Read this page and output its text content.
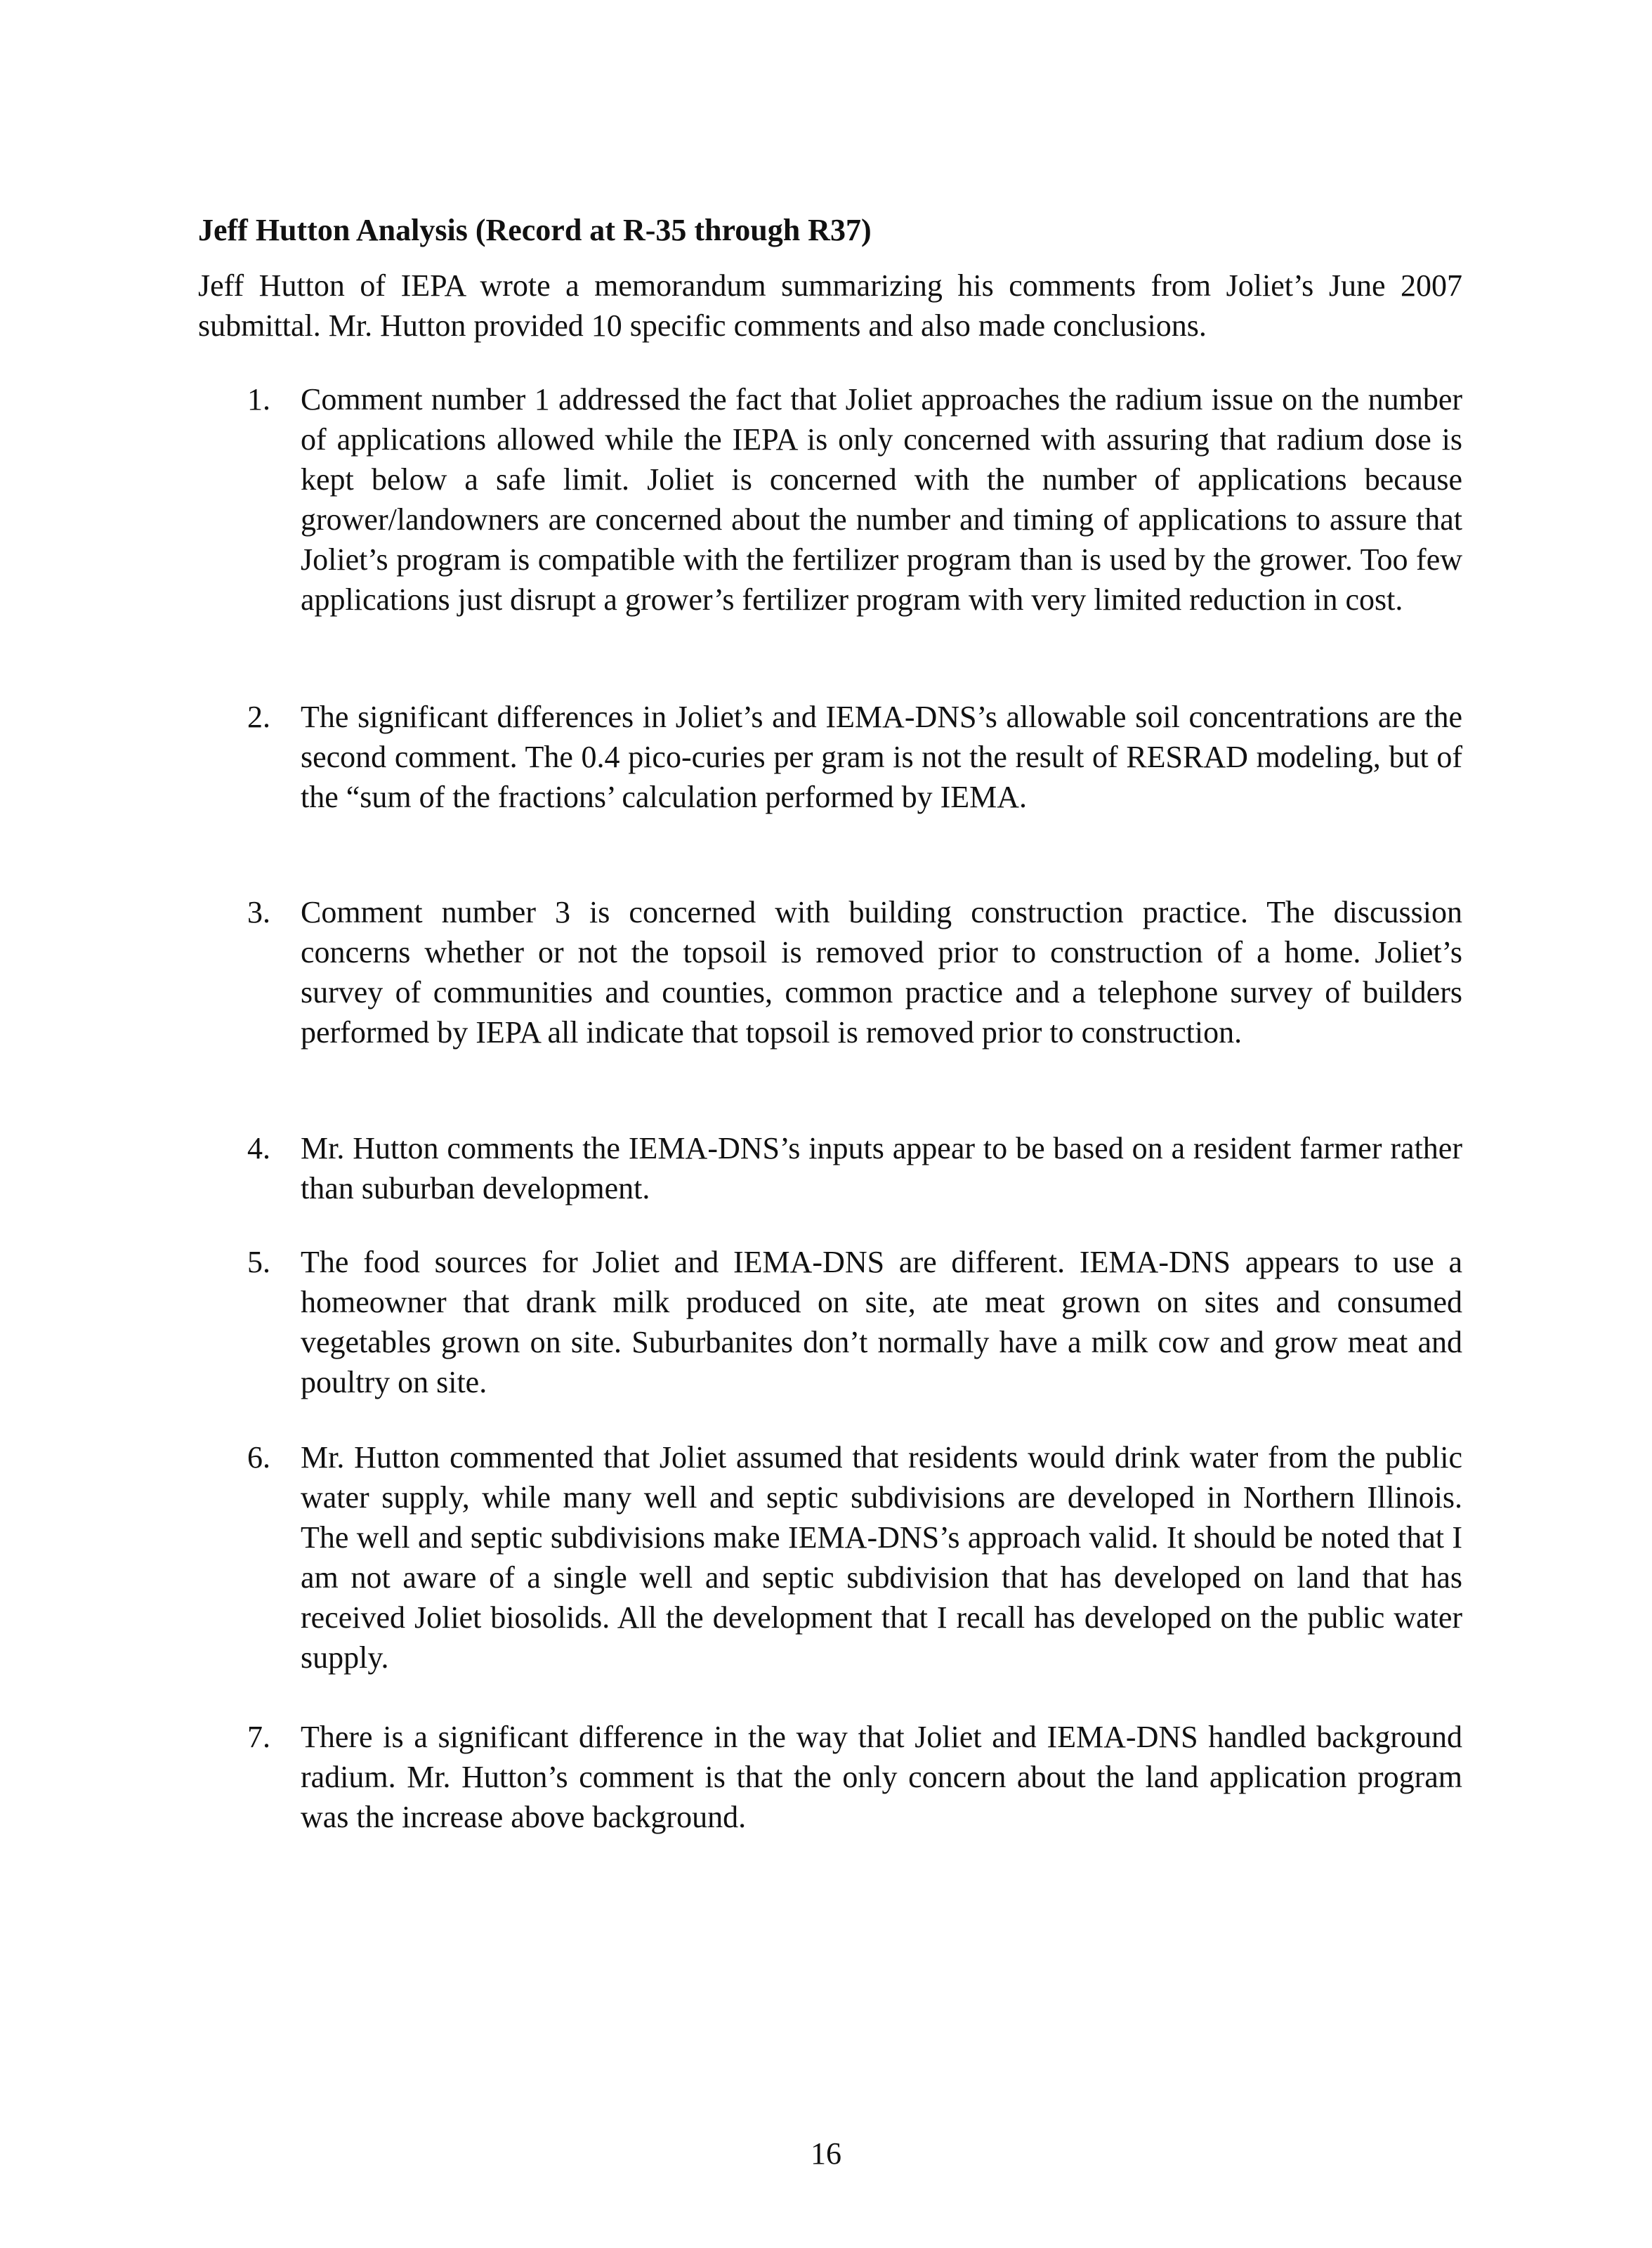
Jeff Hutton Analysis (Record at R-35 through R37)

Jeff Hutton of IEPA wrote a memorandum summarizing his comments from Joliet’s June 2007 submittal. Mr. Hutton provided 10 specific comments and also made conclusions.

1. Comment number 1 addressed the fact that Joliet approaches the radium issue on the number of applications allowed while the IEPA is only concerned with assuring that radium dose is kept below a safe limit. Joliet is concerned with the number of applications because grower/landowners are concerned about the number and timing of applications to assure that Joliet’s program is compatible with the fertilizer program than is used by the grower. Too few applications just disrupt a grower’s fertilizer program with very limited reduction in cost.

2. The significant differences in Joliet’s and IEMA-DNS’s allowable soil concentrations are the second comment. The 0.4 pico-curies per gram is not the result of RESRAD modeling, but of the “sum of the fractions’ calculation performed by IEMA.

3. Comment number 3 is concerned with building construction practice. The discussion concerns whether or not the topsoil is removed prior to construction of a home. Joliet’s survey of communities and counties, common practice and a telephone survey of builders performed by IEPA all indicate that topsoil is removed prior to construction.

4. Mr. Hutton comments the IEMA-DNS’s inputs appear to be based on a resident farmer rather than suburban development.

5. The food sources for Joliet and IEMA-DNS are different. IEMA-DNS appears to use a homeowner that drank milk produced on site, ate meat grown on sites and consumed vegetables grown on site. Suburbanites don’t normally have a milk cow and grow meat and poultry on site.

6. Mr. Hutton commented that Joliet assumed that residents would drink water from the public water supply, while many well and septic subdivisions are developed in Northern Illinois. The well and septic subdivisions make IEMA-DNS’s approach valid. It should be noted that I am not aware of a single well and septic subdivision that has developed on land that has received Joliet biosolids. All the development that I recall has developed on the public water supply.

7. There is a significant difference in the way that Joliet and IEMA-DNS handled background radium. Mr. Hutton’s comment is that the only concern about the land application program was the increase above background.

16
